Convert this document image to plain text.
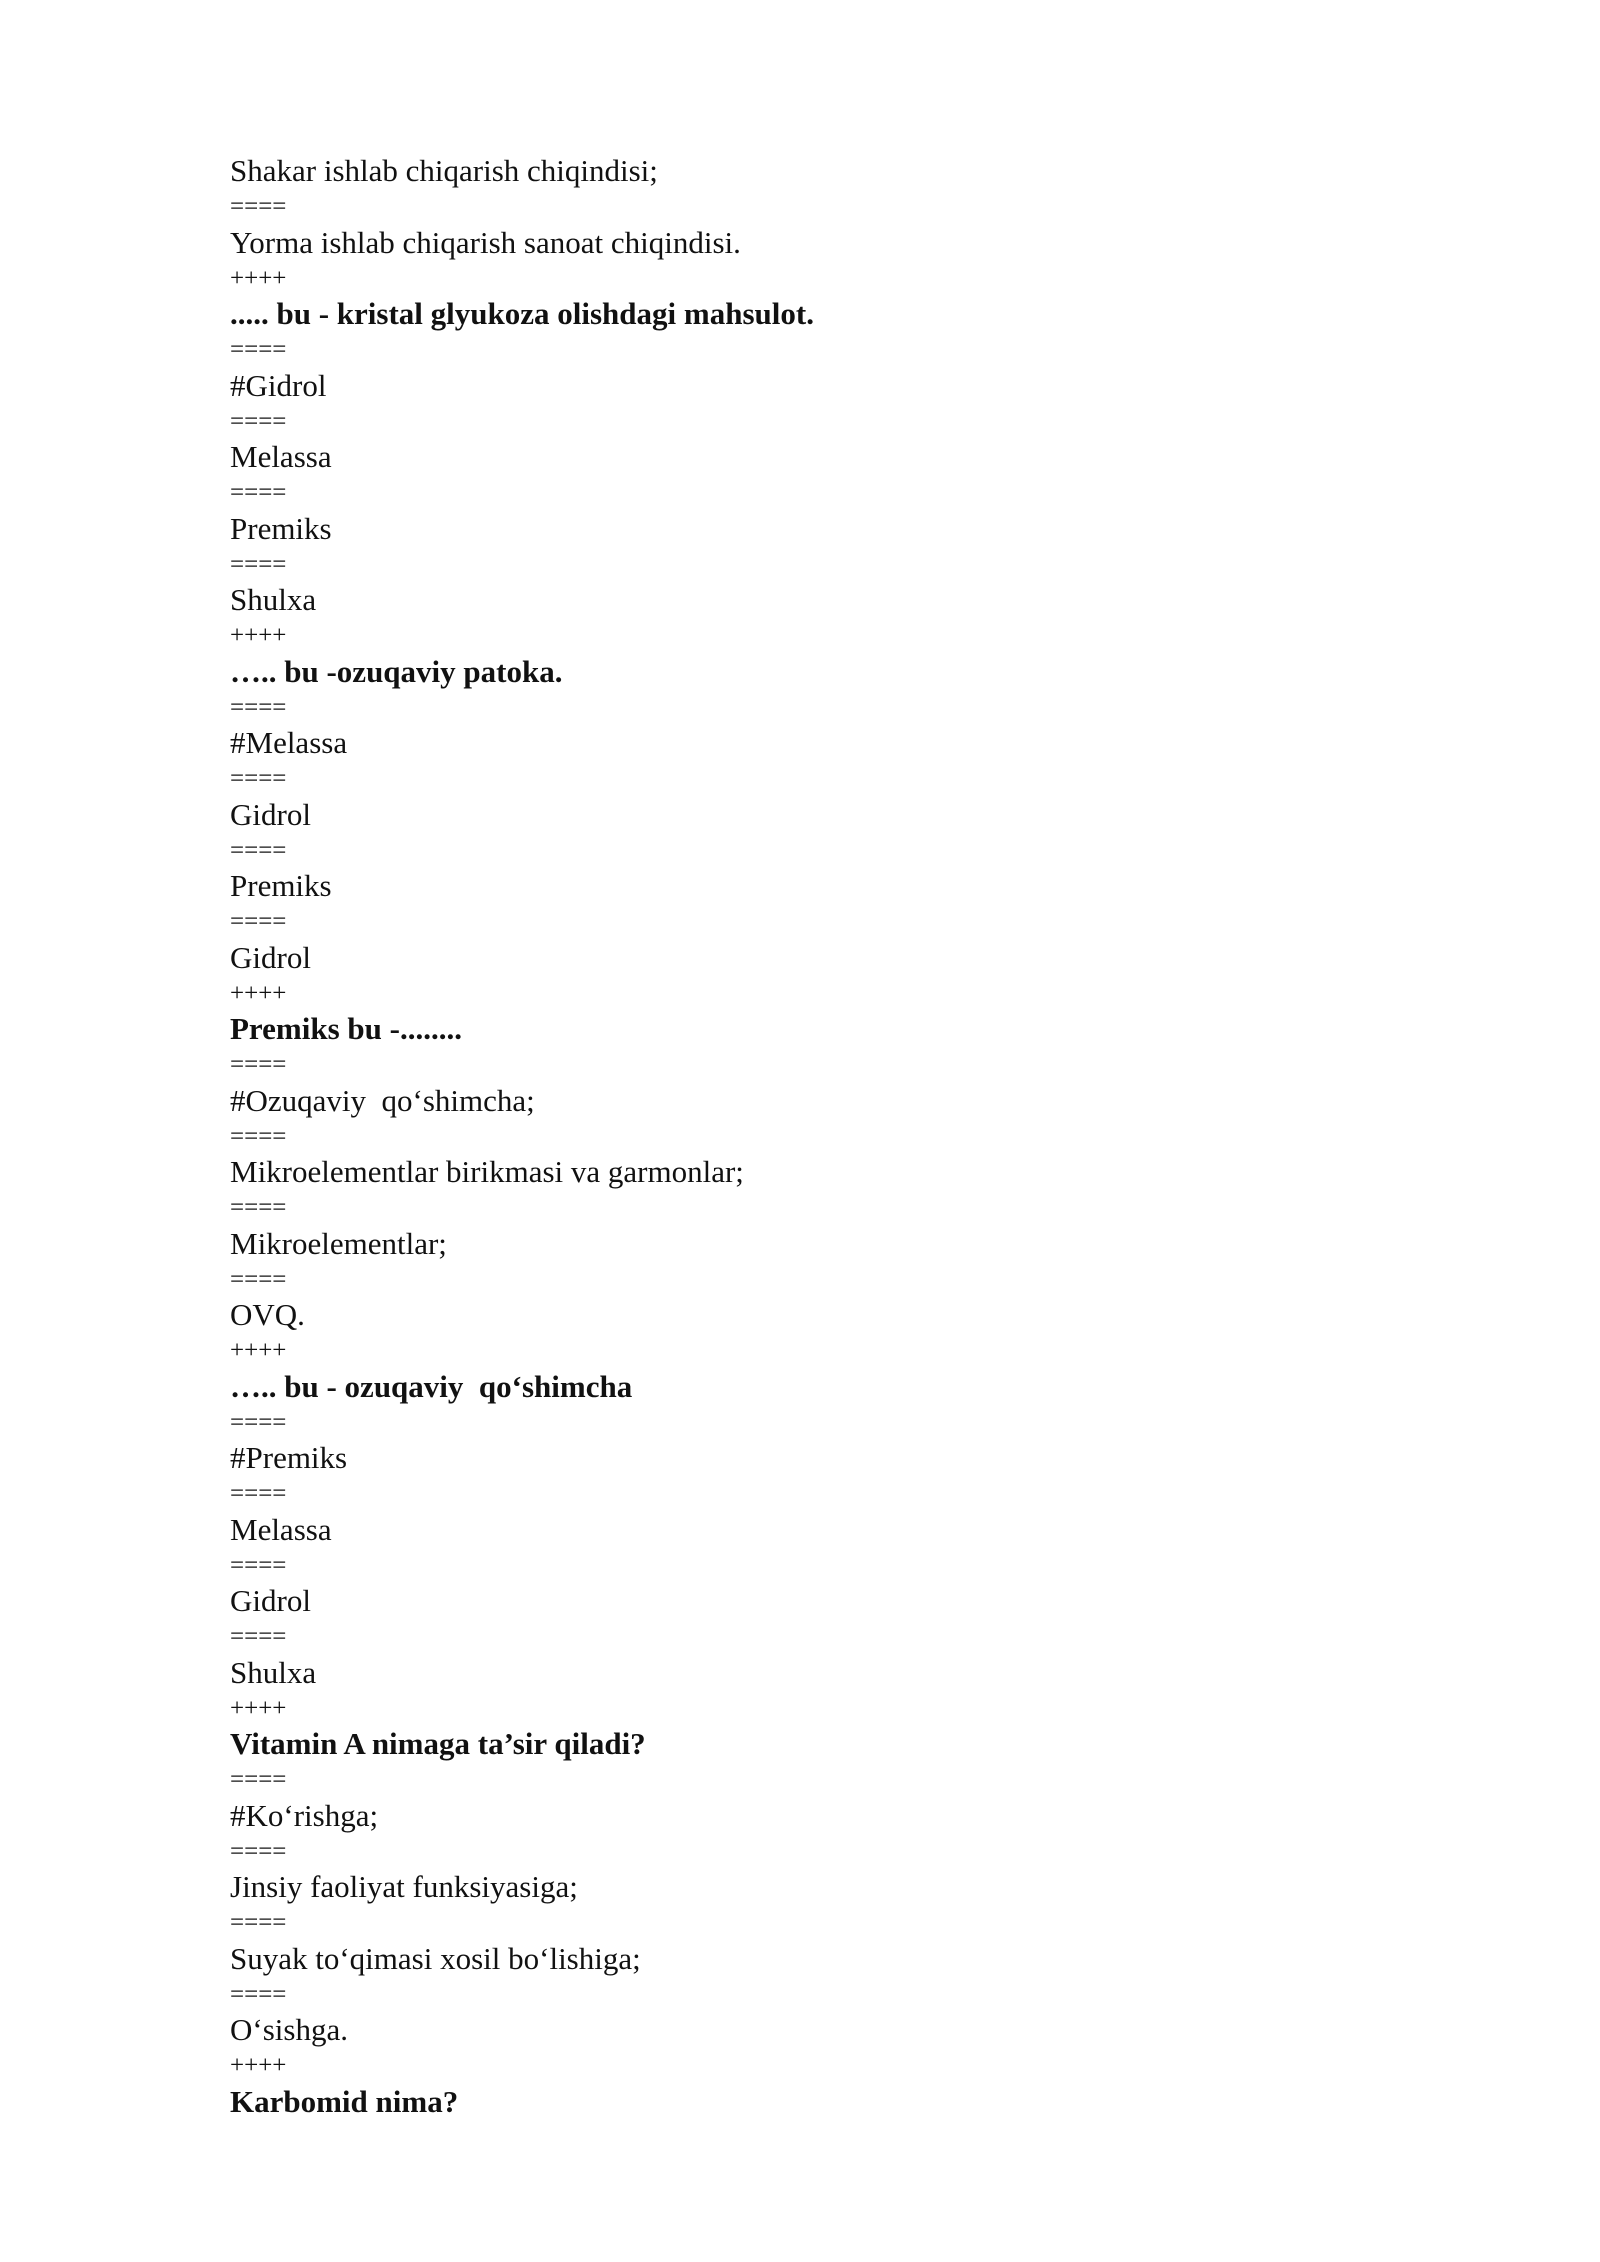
Shakar ishlab chiqarish chiqindisi;
====
Yorma ishlab chiqarish sanoat chiqindisi.
++++
..... bu - kristal glyukoza olishdagi mahsulot.
====
#Gidrol
====
Melassa
====
Premiks
====
Shulxa
++++
….. bu -ozuqaviy patoka.
====
#Melassa
====
Gidrol
====
Premiks
====
Gidrol
++++
Premiks bu -........
====
#Ozuqaviy  qo‘shimcha;
====
Mikroelementlar birikmasi va garmonlar;
====
Mikroelementlar;
====
OVQ.
++++
….. bu - ozuqaviy  qo‘shimcha
====
#Premiks
====
Melassa
====
Gidrol
====
Shulxa
++++
Vitamin A nimaga ta’sir qiladi?
====
#Ko‘rishga;
====
Jinsiy faoliyat funksiyasiga;
====
Suyak to‘qimasi xosil bo‘lishiga;
====
O‘sishga.
++++
Karbomid nima?
